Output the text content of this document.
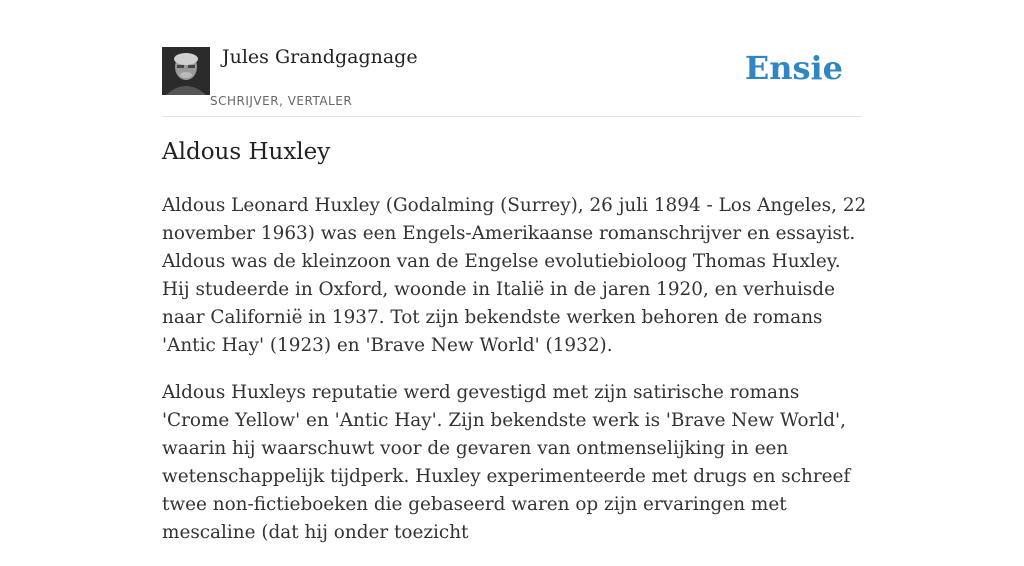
Jules Grandgagnage
SCHRIJVER, VERTALER
Ensie
Aldous Huxley

Aldous Leonard Huxley (Godalming (Surrey), 26 juli 1894 - Los Angeles, 22 november 1963) was een Engels-Amerikaanse romanschrijver en essayist. Aldous was de kleinzoon van de Engelse evolutiebioloog Thomas Huxley. Hij studeerde in Oxford, woonde in Italië in de jaren 1920, en verhuisde naar Californië in 1937. Tot zijn bekendste werken behoren de romans 'Antic Hay' (1923) en 'Brave New World' (1932).

Aldous Huxleys reputatie werd gevestigd met zijn satirische romans 'Crome Yellow' en 'Antic Hay'. Zijn bekendste werk is 'Brave New World', waarin hij waarschuwt voor de gevaren van ontmenselijking in een wetenschappelijk tijdperk. Huxley experimenteerde met drugs en schreef twee non-fictieboeken die gebaseerd waren op zijn ervaringen met mescaline (dat hij onder toezicht
